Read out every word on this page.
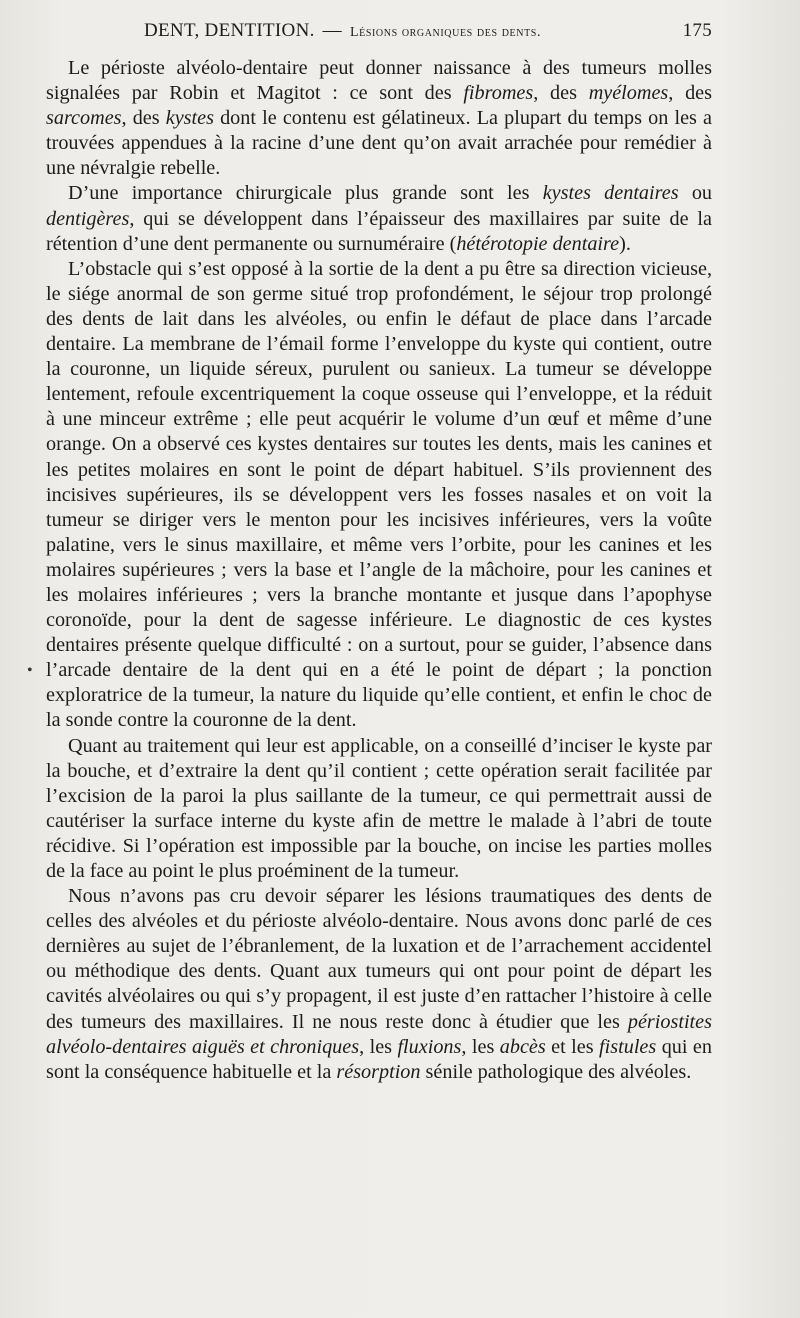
DENT, DENTITION. — Lésions organiques des dents.	175

Le périoste alvéolo-dentaire peut donner naissance à des tumeurs molles signalées par Robin et Magitot : ce sont des fibromes, des myélomes, des sarcomes, des kystes dont le contenu est gélatineux. La plupart du temps on les a trouvées appendues à la racine d’une dent qu’on avait arrachée pour remédier à une névralgie rebelle.

D’une importance chirurgicale plus grande sont les kystes dentaires ou dentigères, qui se développent dans l’épaisseur des maxillaires par suite de la rétention d’une dent permanente ou surnuméraire (hétérotopie dentaire).

L’obstacle qui s’est opposé à la sortie de la dent a pu être sa direction vicieuse, le siége anormal de son germe situé trop profondément, le séjour trop prolongé des dents de lait dans les alvéoles, ou enfin le défaut de place dans l’arcade dentaire. La membrane de l’émail forme l’enveloppe du kyste qui contient, outre la couronne, un liquide séreux, purulent ou sanieux. La tumeur se développe lentement, refoule excentriquement la coque osseuse qui l’enveloppe, et la réduit à une minceur extrême ; elle peut acquérir le volume d’un œuf et même d’une orange. On a observé ces kystes dentaires sur toutes les dents, mais les canines et les petites molaires en sont le point de départ habituel. S’ils proviennent des incisives supérieures, ils se développent vers les fosses nasales et on voit la tumeur se diriger vers le menton pour les incisives inférieures, vers la voûte palatine, vers le sinus maxillaire, et même vers l’orbite, pour les canines et les molaires supérieures ; vers la base et l’angle de la mâchoire, pour les canines et les molaires inférieures ; vers la branche montante et jusque dans l’apophyse coronoïde, pour la dent de sagesse inférieure. Le diagnostic de ces kystes dentaires présente quelque difficulté : on a surtout, pour se guider, l’absence dans l’arcade dentaire de la dent qui en a été le point de départ ; la ponction exploratrice de la tumeur, la nature du liquide qu’elle contient, et enfin le choc de la sonde contre la couronne de la dent.

Quant au traitement qui leur est applicable, on a conseillé d’inciser le kyste par la bouche, et d’extraire la dent qu’il contient ; cette opération serait facilitée par l’excision de la paroi la plus saillante de la tumeur, ce qui permettrait aussi de cautériser la surface interne du kyste afin de mettre le malade à l’abri de toute récidive. Si l’opération est impossible par la bouche, on incise les parties molles de la face au point le plus proéminent de la tumeur.

Nous n’avons pas cru devoir séparer les lésions traumatiques des dents de celles des alvéoles et du périoste alvéolo-dentaire. Nous avons donc parlé de ces dernières au sujet de l’ébranlement, de la luxation et de l’arrachement accidentel ou méthodique des dents. Quant aux tumeurs qui ont pour point de départ les cavités alvéolaires ou qui s’y propagent, il est juste d’en rattacher l’histoire à celle des tumeurs des maxillaires. Il ne nous reste donc à étudier que les périostites alvéolo-dentaires aiguës et chroniques, les fluxions, les abcès et les fistules qui en sont la conséquence habituelle et la résorption sénile pathologique des alvéoles.

•
